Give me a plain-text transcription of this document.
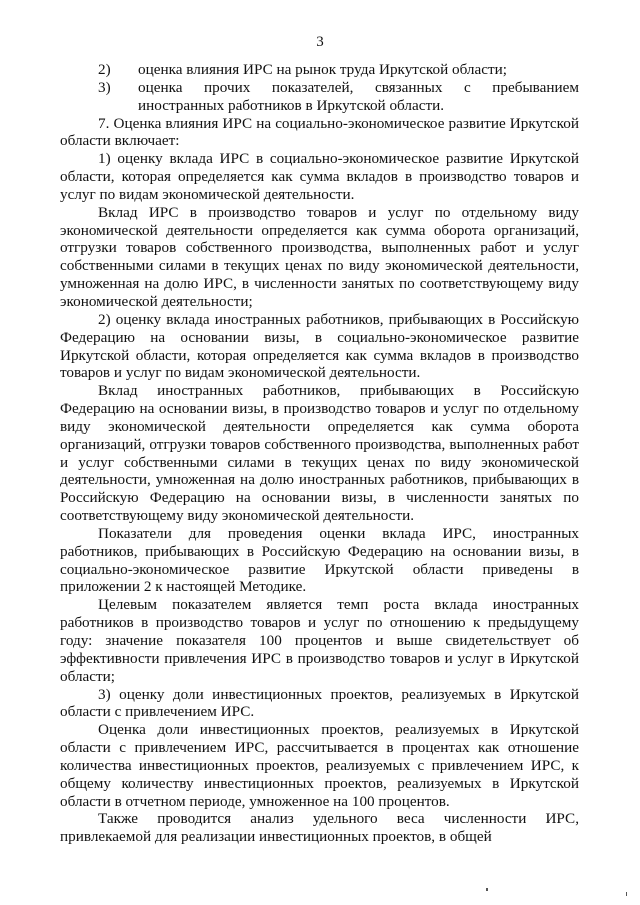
3
2)	оценка влияния ИРС на рынок труда Иркутской области;
3)	оценка прочих показателей, связанных с пребыванием иностранных работников в Иркутской области.

7. Оценка влияния ИРС на социально-экономическое развитие Иркутской области включает:

1) оценку вклада ИРС в социально-экономическое развитие Иркутской области, которая определяется как сумма вкладов в производство товаров и услуг по видам экономической деятельности.

Вклад ИРС в производство товаров и услуг по отдельному виду экономической деятельности определяется как сумма оборота организаций, отгрузки товаров собственного производства, выполненных работ и услуг собственными силами в текущих ценах по виду экономической деятельности, умноженная на долю ИРС, в численности занятых по соответствующему виду экономической деятельности;

2) оценку вклада иностранных работников, прибывающих в Российскую Федерацию на основании визы, в социально-экономическое развитие Иркутской области, которая определяется как сумма вкладов в производство товаров и услуг по видам экономической деятельности.

Вклад иностранных работников, прибывающих в Российскую Федерацию на основании визы, в производство товаров и услуг по отдельному виду экономической деятельности определяется как сумма оборота организаций, отгрузки товаров собственного производства, выполненных работ и услуг собственными силами в текущих ценах по виду экономической деятельности, умноженная на долю иностранных работников, прибывающих в Российскую Федерацию на основании визы, в численности занятых по соответствующему виду экономической деятельности.

Показатели для проведения оценки вклада ИРС, иностранных работников, прибывающих в Российскую Федерацию на основании визы, в социально-экономическое развитие Иркутской области приведены в приложении 2 к настоящей Методике.

Целевым показателем является темп роста вклада иностранных работников в производство товаров и услуг по отношению к предыдущему году: значение показателя 100 процентов и выше свидетельствует об эффективности привлечения ИРС в производство товаров и услуг в Иркутской области;

3) оценку доли инвестиционных проектов, реализуемых в Иркутской области с привлечением ИРС.

Оценка доли инвестиционных проектов, реализуемых в Иркутской области с привлечением ИРС, рассчитывается в процентах как отношение количества инвестиционных проектов, реализуемых с привлечением ИРС, к общему количеству инвестиционных проектов, реализуемых в Иркутской области в отчетном периоде, умноженное на 100 процентов.

Также проводится анализ удельного веса численности ИРС, привлекаемой для реализации инвестиционных проектов, в общей
